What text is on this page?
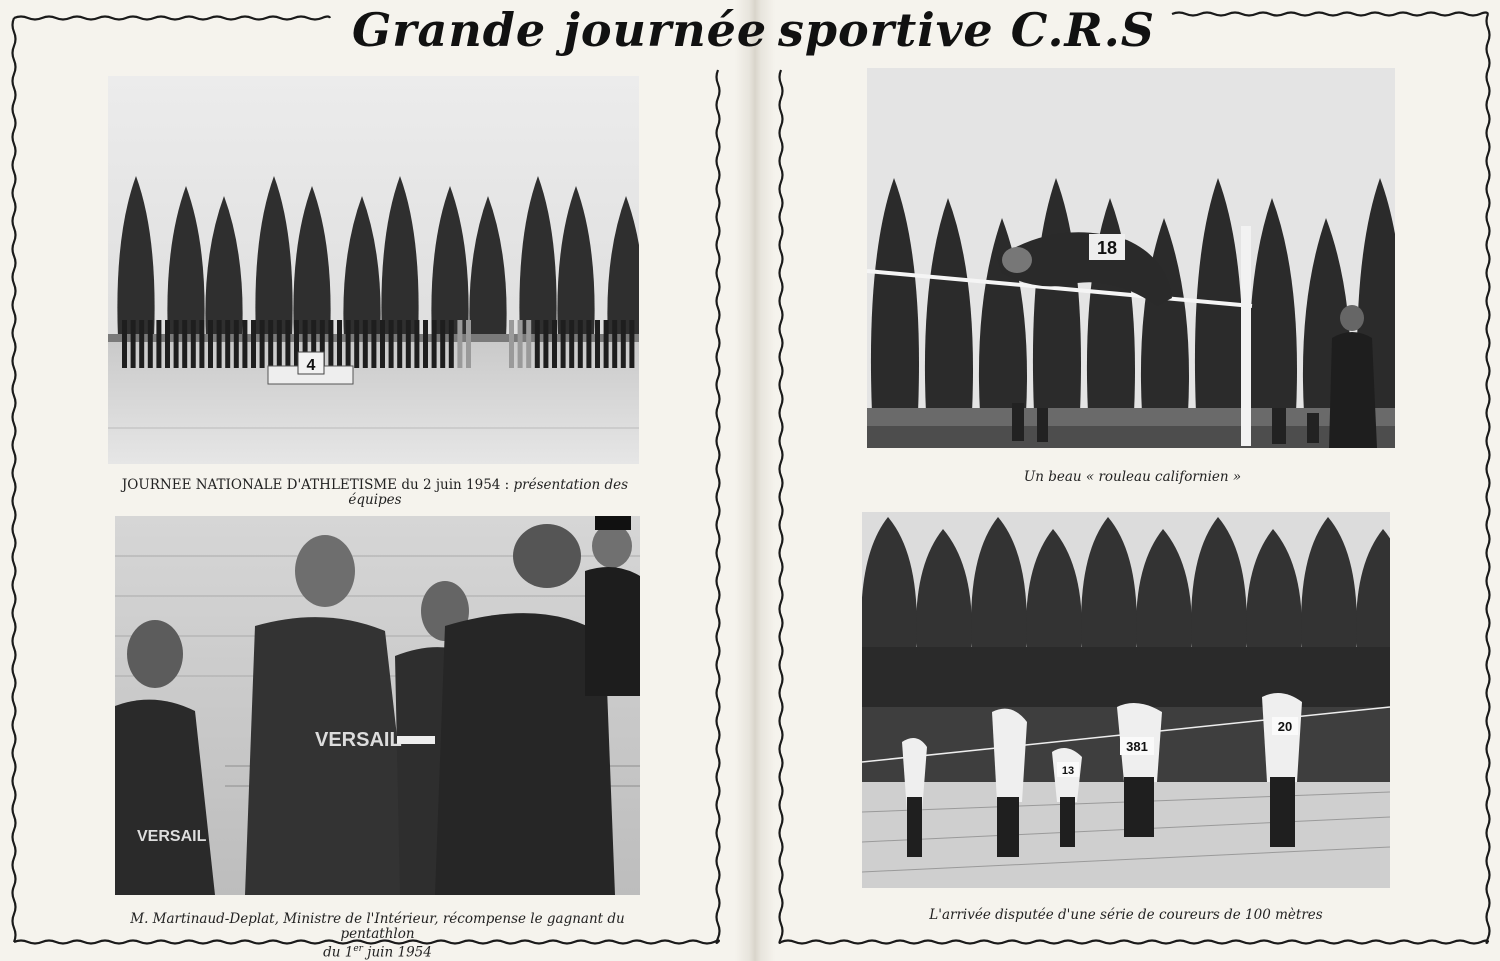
Grande journée sportive C.R.S
4
JOURNEE NATIONALE D'ATHLETISME du 2 juin 1954 : présentation des équipes
VERSAIL
VERSAIL
M. Martinaud-Deplat, Ministre de l'Intérieur, récompense le gagnant du pentathlon
du 1er juin 1954
18
Un beau « rouleau californien »
20
381
13
L'arrivée disputée d'une série de coureurs de 100 mètres
